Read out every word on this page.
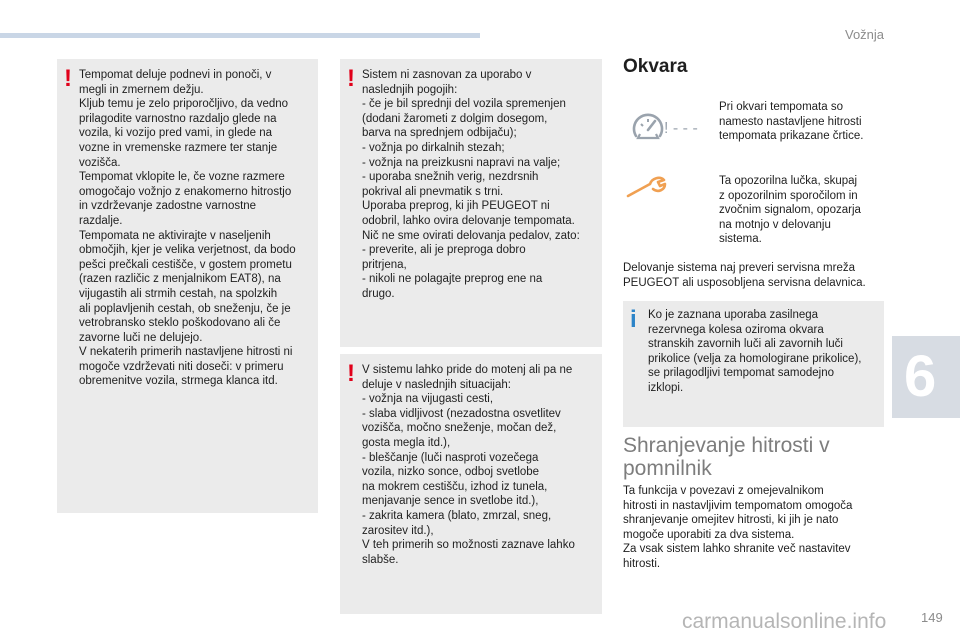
Vožnja
! Tempomat deluje podnevi in ponoči, v
megli in zmernem dežju.
Kljub temu je zelo priporočljivo, da vedno
prilagodite varnostno razdaljo glede na
vozila, ki vozijo pred vami, in glede na
vozne in vremenske razmere ter stanje
vozišča.
Tempomat vklopite le, če vozne razmere
omogočajo vožnjo z enakomerno hitrostjo
in vzdrževanje zadostne varnostne
razdalje.
Tempomata ne aktivirajte v naseljenih
območjih, kjer je velika verjetnost, da bodo
pešci prečkali cestišče, v gostem prometu
(razen različic z menjalnikom EAT8), na
vijugastih ali strmih cestah, na spolzkih
ali poplavljenih cestah, ob sneženju, če je
vetrobransko steklo poškodovano ali če
zavorne luči ne delujejo.
V nekaterih primerih nastavljene hitrosti ni
mogoče vzdrževati niti doseči: v primeru
obremenitve vozila, strmega klanca itd.

! Sistem ni zasnovan za uporabo v
naslednjih pogojih:
- če je bil sprednji del vozila spremenjen
(dodani žarometi z dolgim dosegom,
barva na sprednjem odbijaču);
- vožnja po dirkalnih stezah;
- vožnja na preizkusni napravi na valje;
- uporaba snežnih verig, nezdrsnih
pokrival ali pnevmatik s trni.
Uporaba preprog, ki jih PEUGEOT ni
odobril, lahko ovira delovanje tempomata.
Nič ne sme ovirati delovanja pedalov, zato:
- preverite, ali je preproga dobro
pritrjena,
- nikoli ne polagajte preprog ene na
drugo.

! V sistemu lahko pride do motenj ali pa ne
deluje v naslednjih situacijah:
- vožnja na vijugasti cesti,
- slaba vidljivost (nezadostna osvetlitev
vozišča, močno sneženje, močan dež,
gosta megla itd.),
- bleščanje (luči nasproti vozečega
vozila, nizko sonce, odboj svetlobe
na mokrem cestišču, izhod iz tunela,
menjavanje sence in svetlobe itd.),
- zakrita kamera (blato, zmrzal, sneg,
zarositev itd.),
V teh primerih so možnosti zaznave lahko
slabše.

Okvara
! - - -

Pri okvari tempomata so
namesto nastavljene hitrosti
tempomata prikazane črtice.

Ta opozorilna lučka, skupaj
z opozorilnim sporočilom in
zvočnim signalom, opozarja
na motnjo v delovanju
sistema.

Delovanje sistema naj preveri servisna mreža
PEUGEOT ali usposobljena servisna delavnica.

i Ko je zaznana uporaba zasilnega
rezervnega kolesa oziroma okvara
stranskih zavornih luči ali zavornih luči
prikolice (velja za homologirane prikolice),
se prilagodljivi tempomat samodejno
izklopi.

Shranjevanje hitrosti v
pomnilnik

Ta funkcija v povezavi z omejevalnikom
hitrosti in nastavljivim tempomatom omogoča
shranjevanje omejitev hitrosti, ki jih je nato
mogoče uporabiti za dva sistema.
Za vsak sistem lahko shranite več nastavitev
hitrosti.

6
carmanualsonline.info	149
